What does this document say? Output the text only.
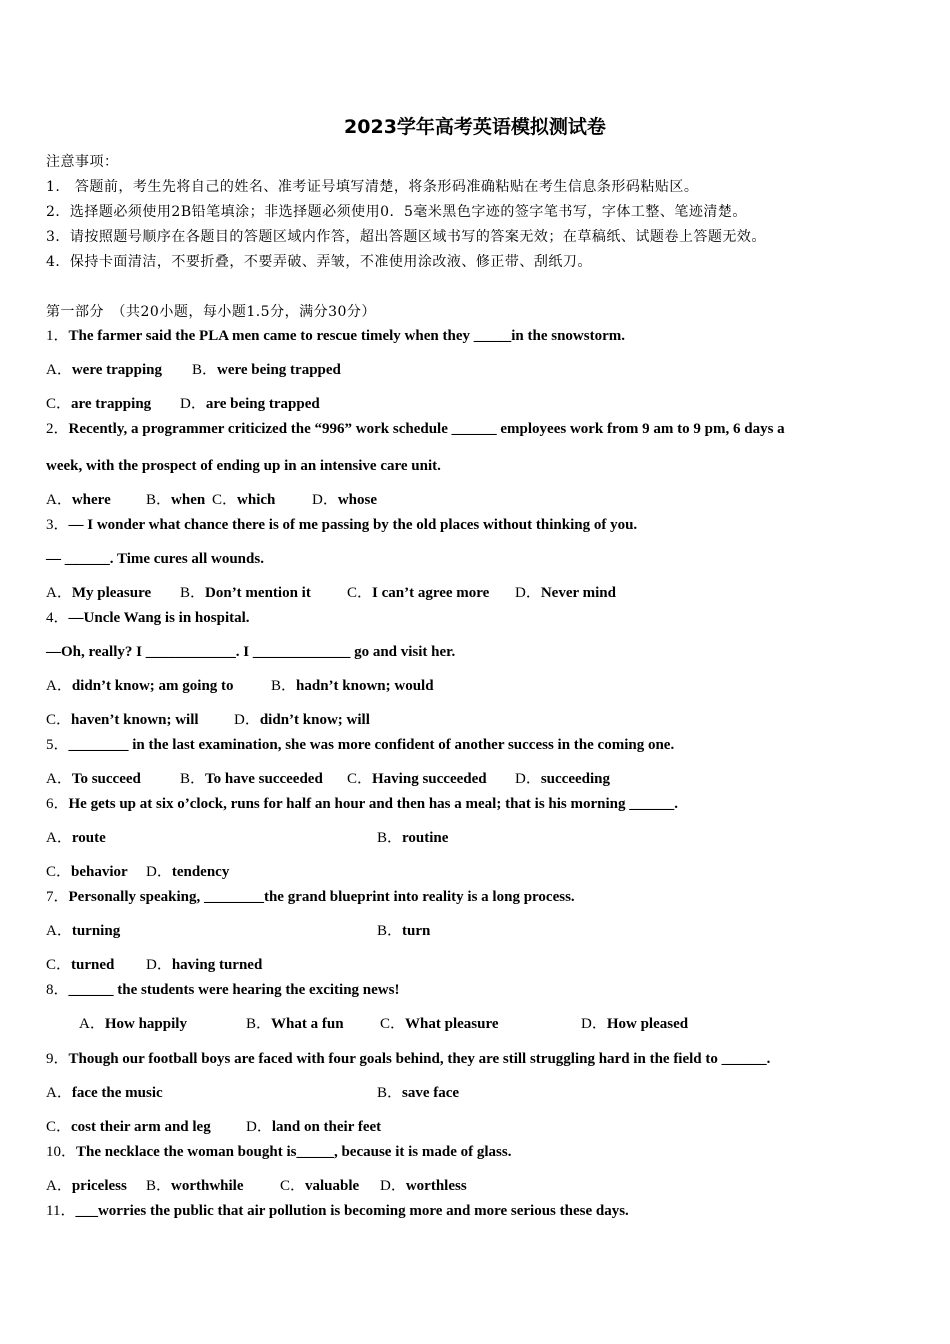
2023学年高考英语模拟测试卷
注意事项：
1.　答题前，考生先将自己的姓名、准考证号填写清楚，将条形码准确粘贴在考生信息条形码粘贴区。
2．选择题必须使用2B铅笔填涂；非选择题必须使用0．5毫米黑色字迹的签字笔书写，字体工整、笔迹清楚。
3．请按照题号顺序在各题目的答题区域内作答，超出答题区域书写的答案无效；在草稿纸、试题卷上答题无效。
4．保持卡面清洁，不要折叠，不要弄破、弄皱，不准使用涂改液、修正带、刮纸刀。
第一部分　（共20小题，每小题1.5分，满分30分）
1．The farmer said the PLA men came to rescue timely when they _____in the snowstorm.
A．were trapping B．were being trapped
C．are trapping D．are being trapped
2．Recently, a programmer criticized the “996” work schedule ______ employees work from 9 am to 9 pm, 6 days a
week, with the prospect of ending up in an intensive care unit.
A．where B．when C．which D．whose
3．— I wonder what chance there is of me passing by the old places without thinking of you.
— ______. Time cures all wounds.
A．My pleasure B．Don’t mention it C．I can’t agree more D．Never mind
4．—Uncle Wang is in hospital.
—Oh, really? I ____________. I _____________ go and visit her.
A．didn’t know; am going to B．hadn’t known; would
C．haven’t known; will D．didn’t know; will
5．________ in the last examination, she was more confident of another success in the coming one.
A．To succeed	B．To have succeeded C．Having succeeded D．succeeding
6．He gets up at six o’clock, runs for half an hour and then has a meal; that is his morning ______.
A．route	B．routine
C．behavior D．tendency
7．Personally speaking, ________the grand blueprint into reality is a long process.
A．turning	B．turn
C．turned D．having turned
8．______ the students were hearing the exciting news!
A．How happily	B．What a fun C．What pleasure	D．How pleased
9．Though our football boys are faced with four goals behind, they are still struggling hard in the field to ______.
A．face the music	B．save face
C．cost their arm and leg D．land on their feet
10．The necklace the woman bought is_____, because it is made of glass.
A．priceless B．worthwhile C．valuable D．worthless
11．___worries the public that air pollution is becoming more and more serious these days.
